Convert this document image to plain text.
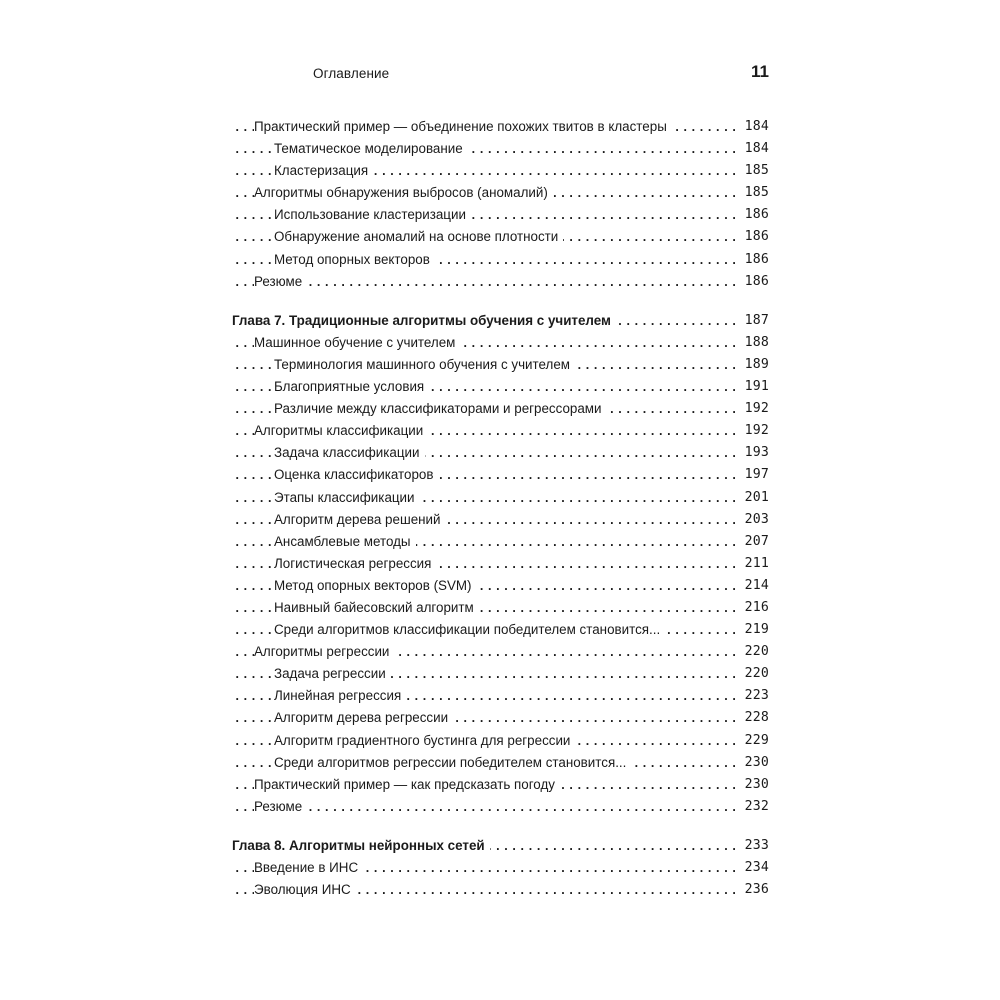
Оглавление	11
. . .
Практический пример — объединение похожих твитов в кластеры	184
. . .
Тематическое моделирование	184
. . .
Кластеризация	185
. . .
Алгоритмы обнаружения выбросов (аномалий)	185
. . .
Использование кластеризации	186
. . .
Обнаружение аномалий на основе плотности	186
. . .
Метод опорных векторов	186
. . .
Резюме	186
. . .
Глава 7. Традиционные алгоритмы обучения с учителем	187
. . .
Машинное обучение с учителем	188
. . .
Терминология машинного обучения с учителем	189
. . .
Благоприятные условия	191
. . .
Различие между классификаторами и регрессорами	192
. . .
Алгоритмы классификации	192
. . .
Задача классификации	193
. . .
Оценка классификаторов	197
. . .
Этапы классификации	201
. . .
Алгоритм дерева решений	203
. . .
Ансамблевые методы	207
. . .
Логистическая регрессия	211
. . .
Метод опорных векторов (SVM)	214
. . .
Наивный байесовский алгоритм	216
. . .
Среди алгоритмов классификации победителем становится...	219
. . .
Алгоритмы регрессии	220
. . .
Задача регрессии	220
. . .
Линейная регрессия	223
. . .
Алгоритм дерева регрессии	228
. . .
Алгоритм градиентного бустинга для регрессии	229
. . .
Среди алгоритмов регрессии победителем становится...	230
. . .
Практический пример — как предсказать погоду	230
. . .
Резюме	232
. . .
Глава 8. Алгоритмы нейронных сетей	233
. . .
Введение в ИНС	234
. . .
Эволюция ИНС	236
